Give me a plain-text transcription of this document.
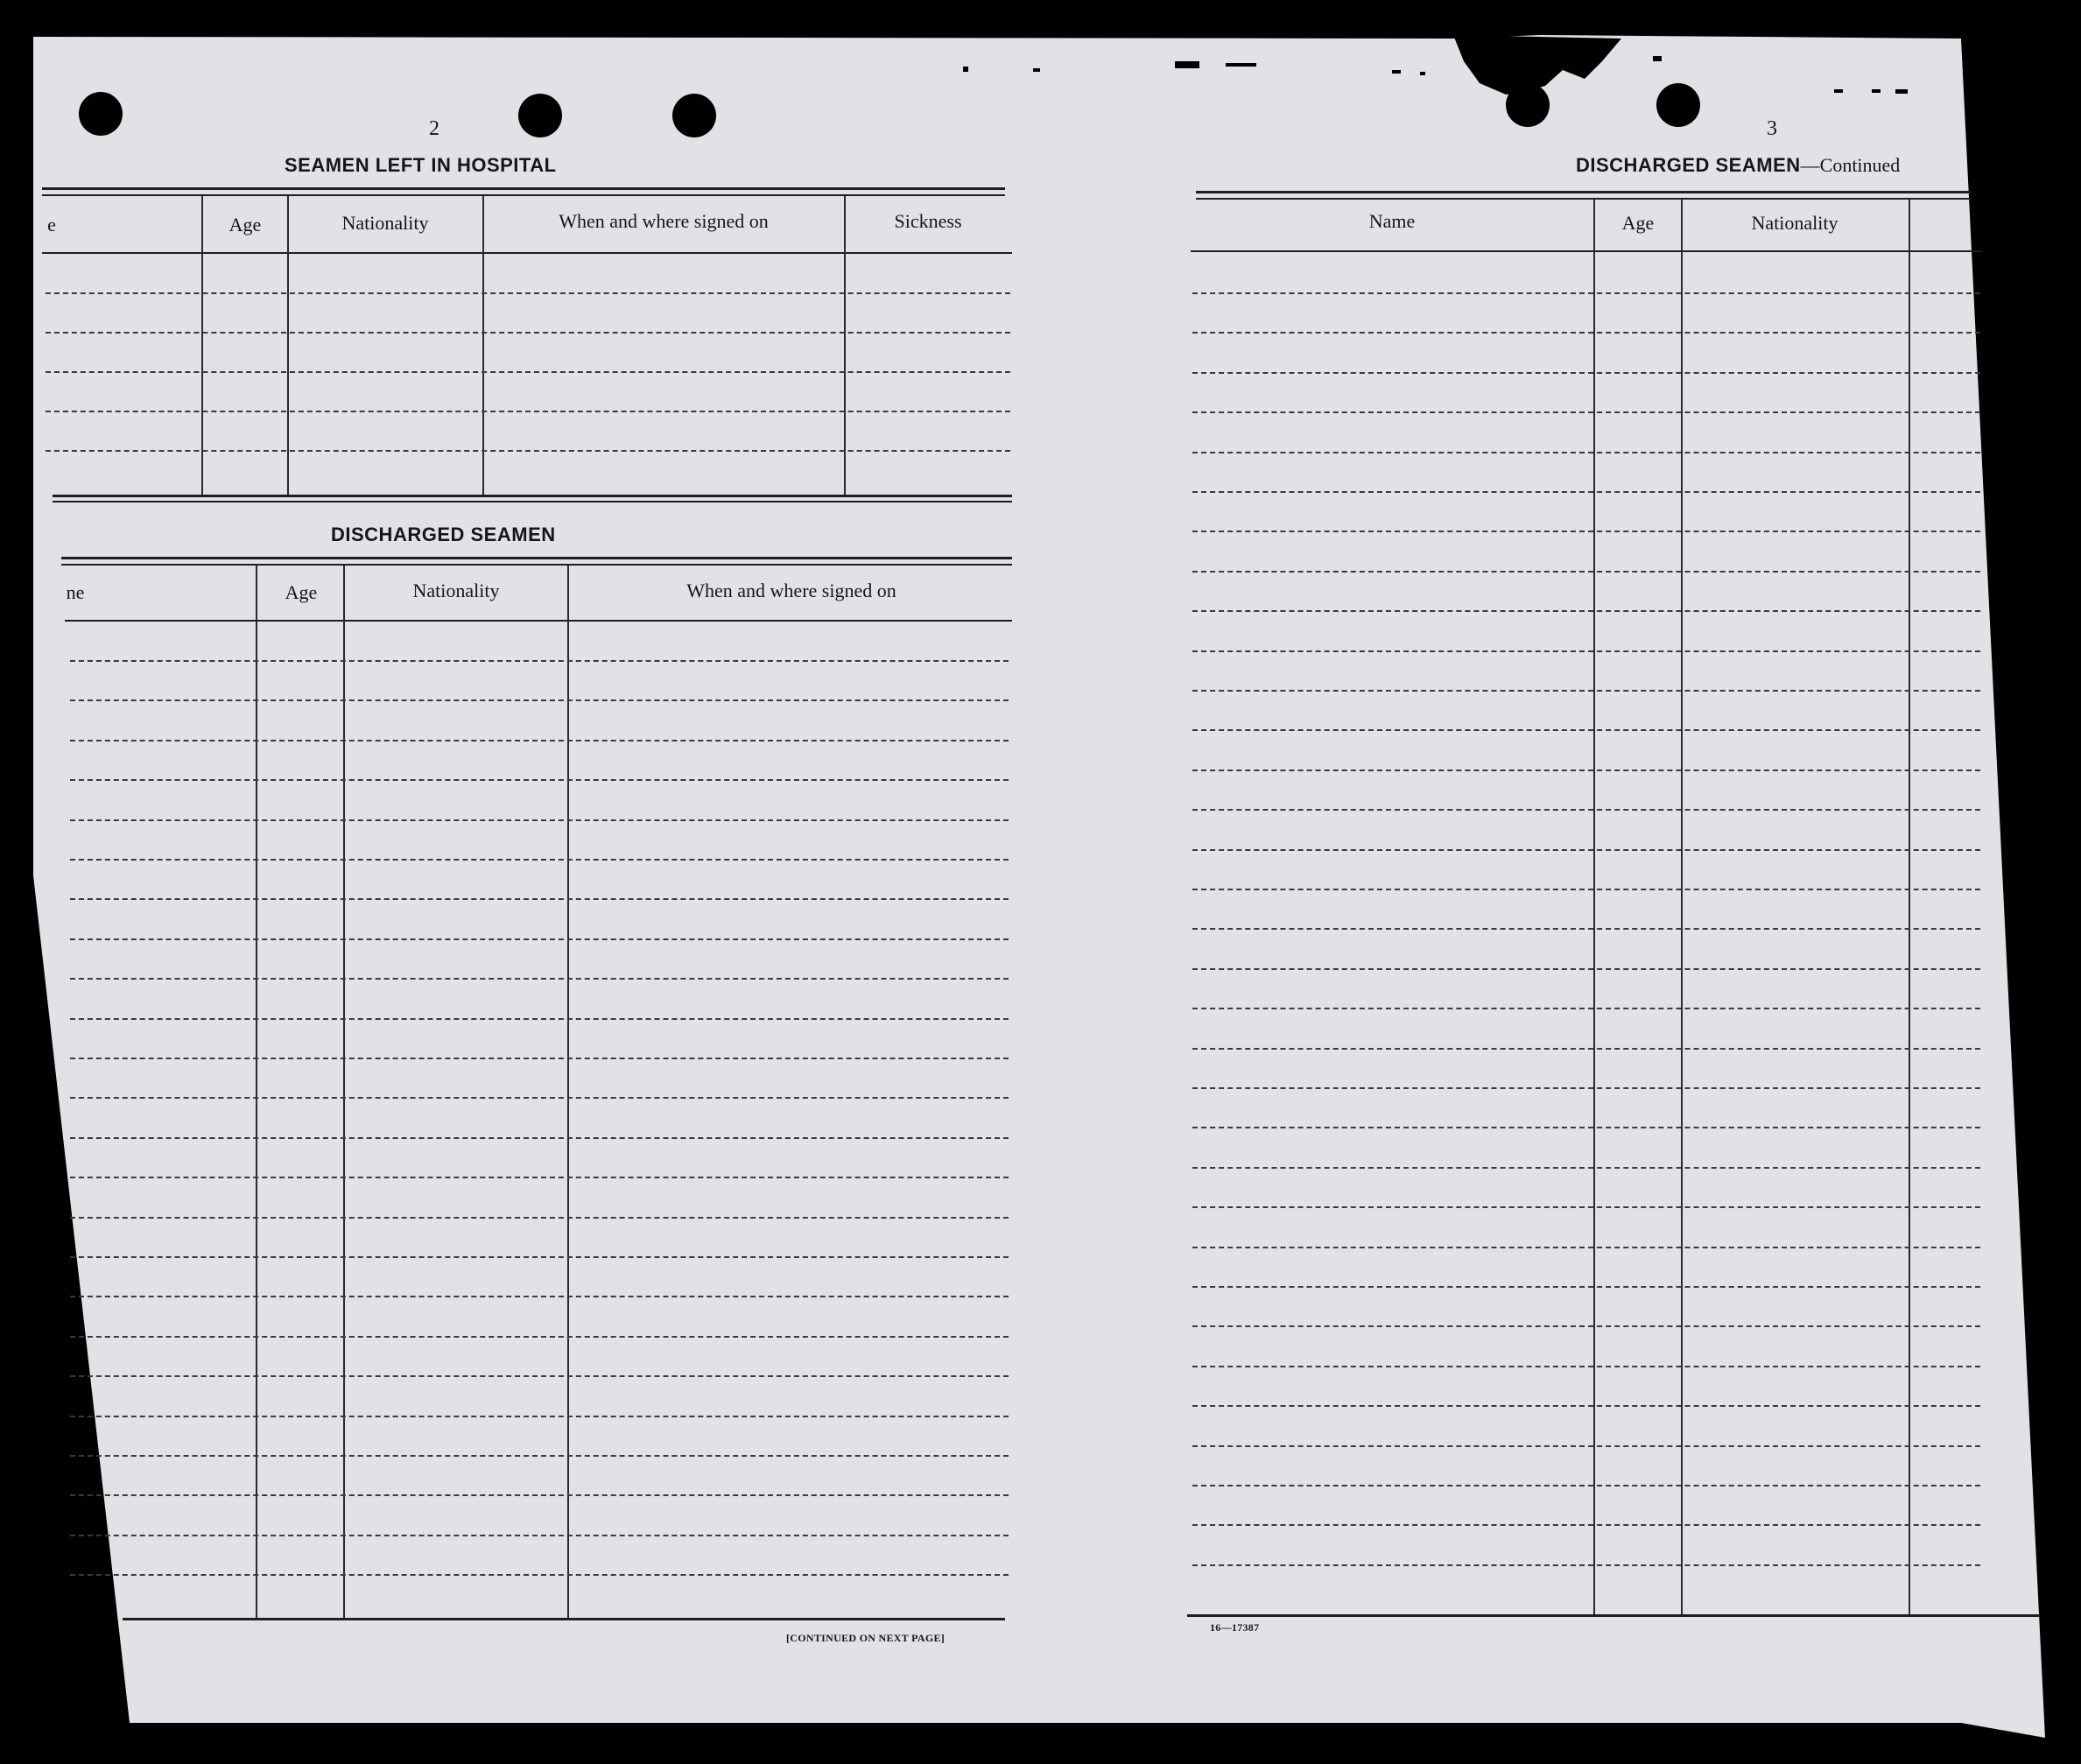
2
SEAMEN LEFT IN HOSPITAL
e	Age	Nationality	When and where signed on	Sickness
DISCHARGED SEAMEN
ne	Age	Nationality	When and where signed on
[CONTINUED ON NEXT PAGE]
3
DISCHARGED SEAMEN—Continued
Name	Age	Nationality
16—17387
